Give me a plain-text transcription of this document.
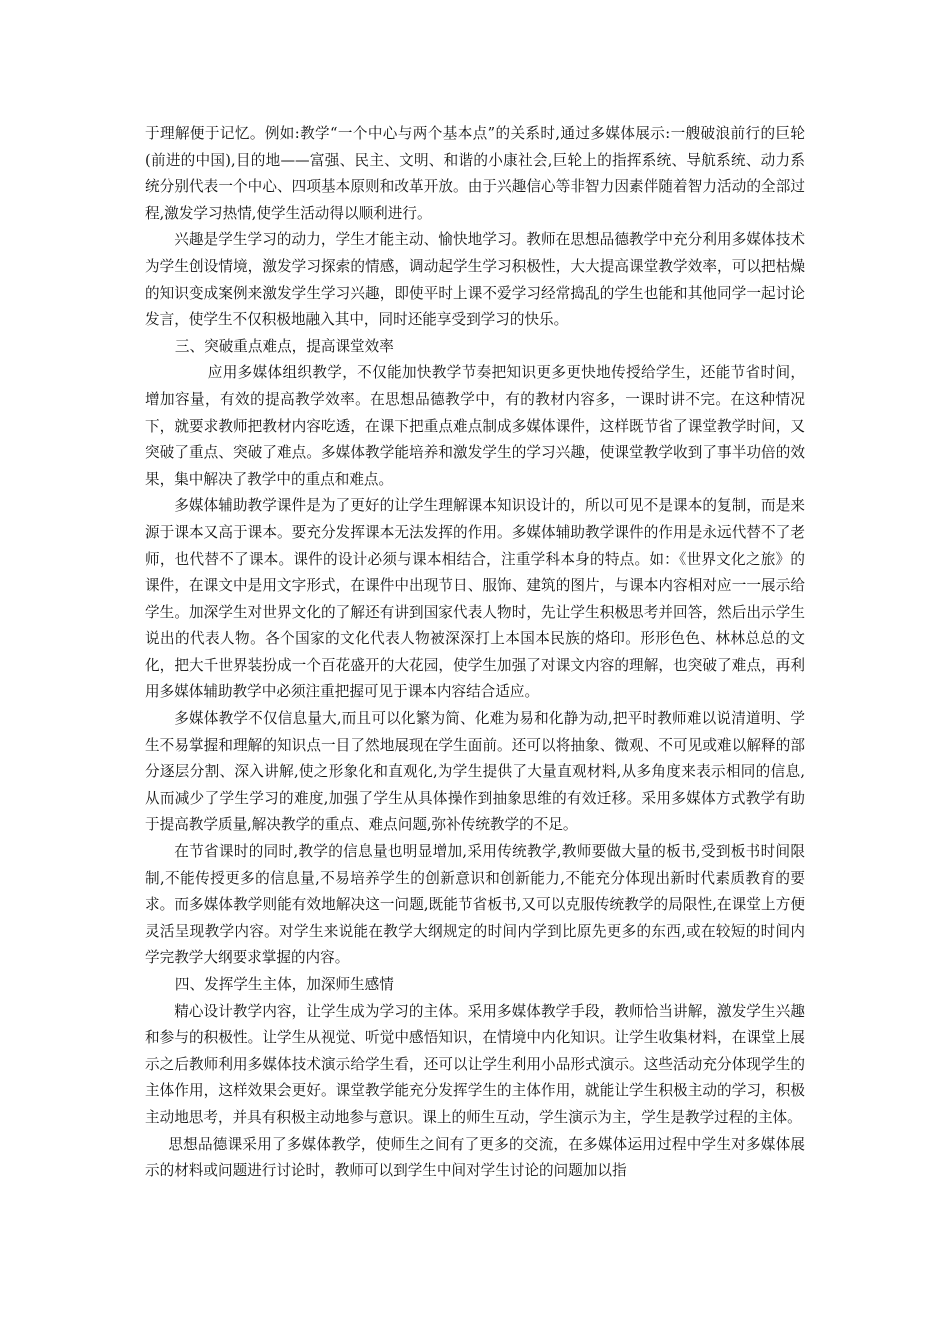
于理解便于记忆。例如:教学“一个中心与两个基本点”的关系时,通过多媒体展示:一艘破浪前行的巨轮(前进的中国),目的地——富强、民主、文明、和谐的小康社会,巨轮上的指挥系统、导航系统、动力系统分别代表一个中心、四项基本原则和改革开放。由于兴趣信心等非智力因素伴随着智力活动的全部过程,激发学习热情,使学生活动得以顺利进行。

兴趣是学生学习的动力，学生才能主动、愉快地学习。教师在思想品德教学中充分利用多媒体技术为学生创设情境，激发学习探索的情感，调动起学生学习积极性，大大提高课堂教学效率，可以把枯燥的知识变成案例来激发学生学习兴趣，即使平时上课不爱学习经常捣乱的学生也能和其他同学一起讨论发言，使学生不仅积极地融入其中，同时还能享受到学习的快乐。

三、突破重点难点，提高课堂效率

应用多媒体组织教学，不仅能加快教学节奏把知识更多更快地传授给学生，还能节省时间，增加容量，有效的提高教学效率。在思想品德教学中，有的教材内容多，一课时讲不完。在这种情况下，就要求教师把教材内容吃透，在课下把重点难点制成多媒体课件，这样既节省了课堂教学时间，又突破了重点、突破了难点。多媒体教学能培养和激发学生的学习兴趣，使课堂教学收到了事半功倍的效果，集中解决了教学中的重点和难点。

多媒体辅助教学课件是为了更好的让学生理解课本知识设计的，所以可见不是课本的复制，而是来源于课本又高于课本。要充分发挥课本无法发挥的作用。多媒体辅助教学课件的作用是永远代替不了老师，也代替不了课本。课件的设计必须与课本相结合，注重学科本身的特点。如：《世界文化之旅》的课件，在课文中是用文字形式，在课件中出现节日、服饰、建筑的图片，与课本内容相对应一一展示给学生。加深学生对世界文化的了解还有讲到国家代表人物时，先让学生积极思考并回答，然后出示学生说出的代表人物。各个国家的文化代表人物被深深打上本国本民族的烙印。形形色色、林林总总的文化，把大千世界装扮成一个百花盛开的大花园，使学生加强了对课文内容的理解，也突破了难点，再利用多媒体辅助教学中必须注重把握可见于课本内容结合适应。

多媒体教学不仅信息量大,而且可以化繁为简、化难为易和化静为动,把平时教师难以说清道明、学生不易掌握和理解的知识点一目了然地展现在学生面前。还可以将抽象、微观、不可见或难以解释的部分逐层分割、深入讲解,使之形象化和直观化,为学生提供了大量直观材料,从多角度来表示相同的信息,从而减少了学生学习的难度,加强了学生从具体操作到抽象思维的有效迁移。采用多媒体方式教学有助于提高教学质量,解决教学的重点、难点问题,弥补传统教学的不足。

在节省课时的同时,教学的信息量也明显增加,采用传统教学,教师要做大量的板书,受到板书时间限制,不能传授更多的信息量,不易培养学生的创新意识和创新能力,不能充分体现出新时代素质教育的要求。而多媒体教学则能有效地解决这一问题,既能节省板书,又可以克服传统教学的局限性,在课堂上方便灵活呈现教学内容。对学生来说能在教学大纲规定的时间内学到比原先更多的东西,或在较短的时间内学完教学大纲要求掌握的内容。

四、发挥学生主体，加深师生感情

精心设计教学内容，让学生成为学习的主体。采用多媒体教学手段，教师恰当讲解，激发学生兴趣和参与的积极性。让学生从视觉、听觉中感悟知识，在情境中内化知识。让学生收集材料，在课堂上展示之后教师利用多媒体技术演示给学生看，还可以让学生利用小品形式演示。这些活动充分体现学生的主体作用，这样效果会更好。课堂教学能充分发挥学生的主体作用，就能让学生积极主动的学习，积极主动地思考，并具有积极主动地参与意识。课上的师生互动，学生演示为主，学生是教学过程的主体。

思想品德课采用了多媒体教学，使师生之间有了更多的交流，在多媒体运用过程中学生对多媒体展示的材料或问题进行讨论时，教师可以到学生中间对学生讨论的问题加以指
